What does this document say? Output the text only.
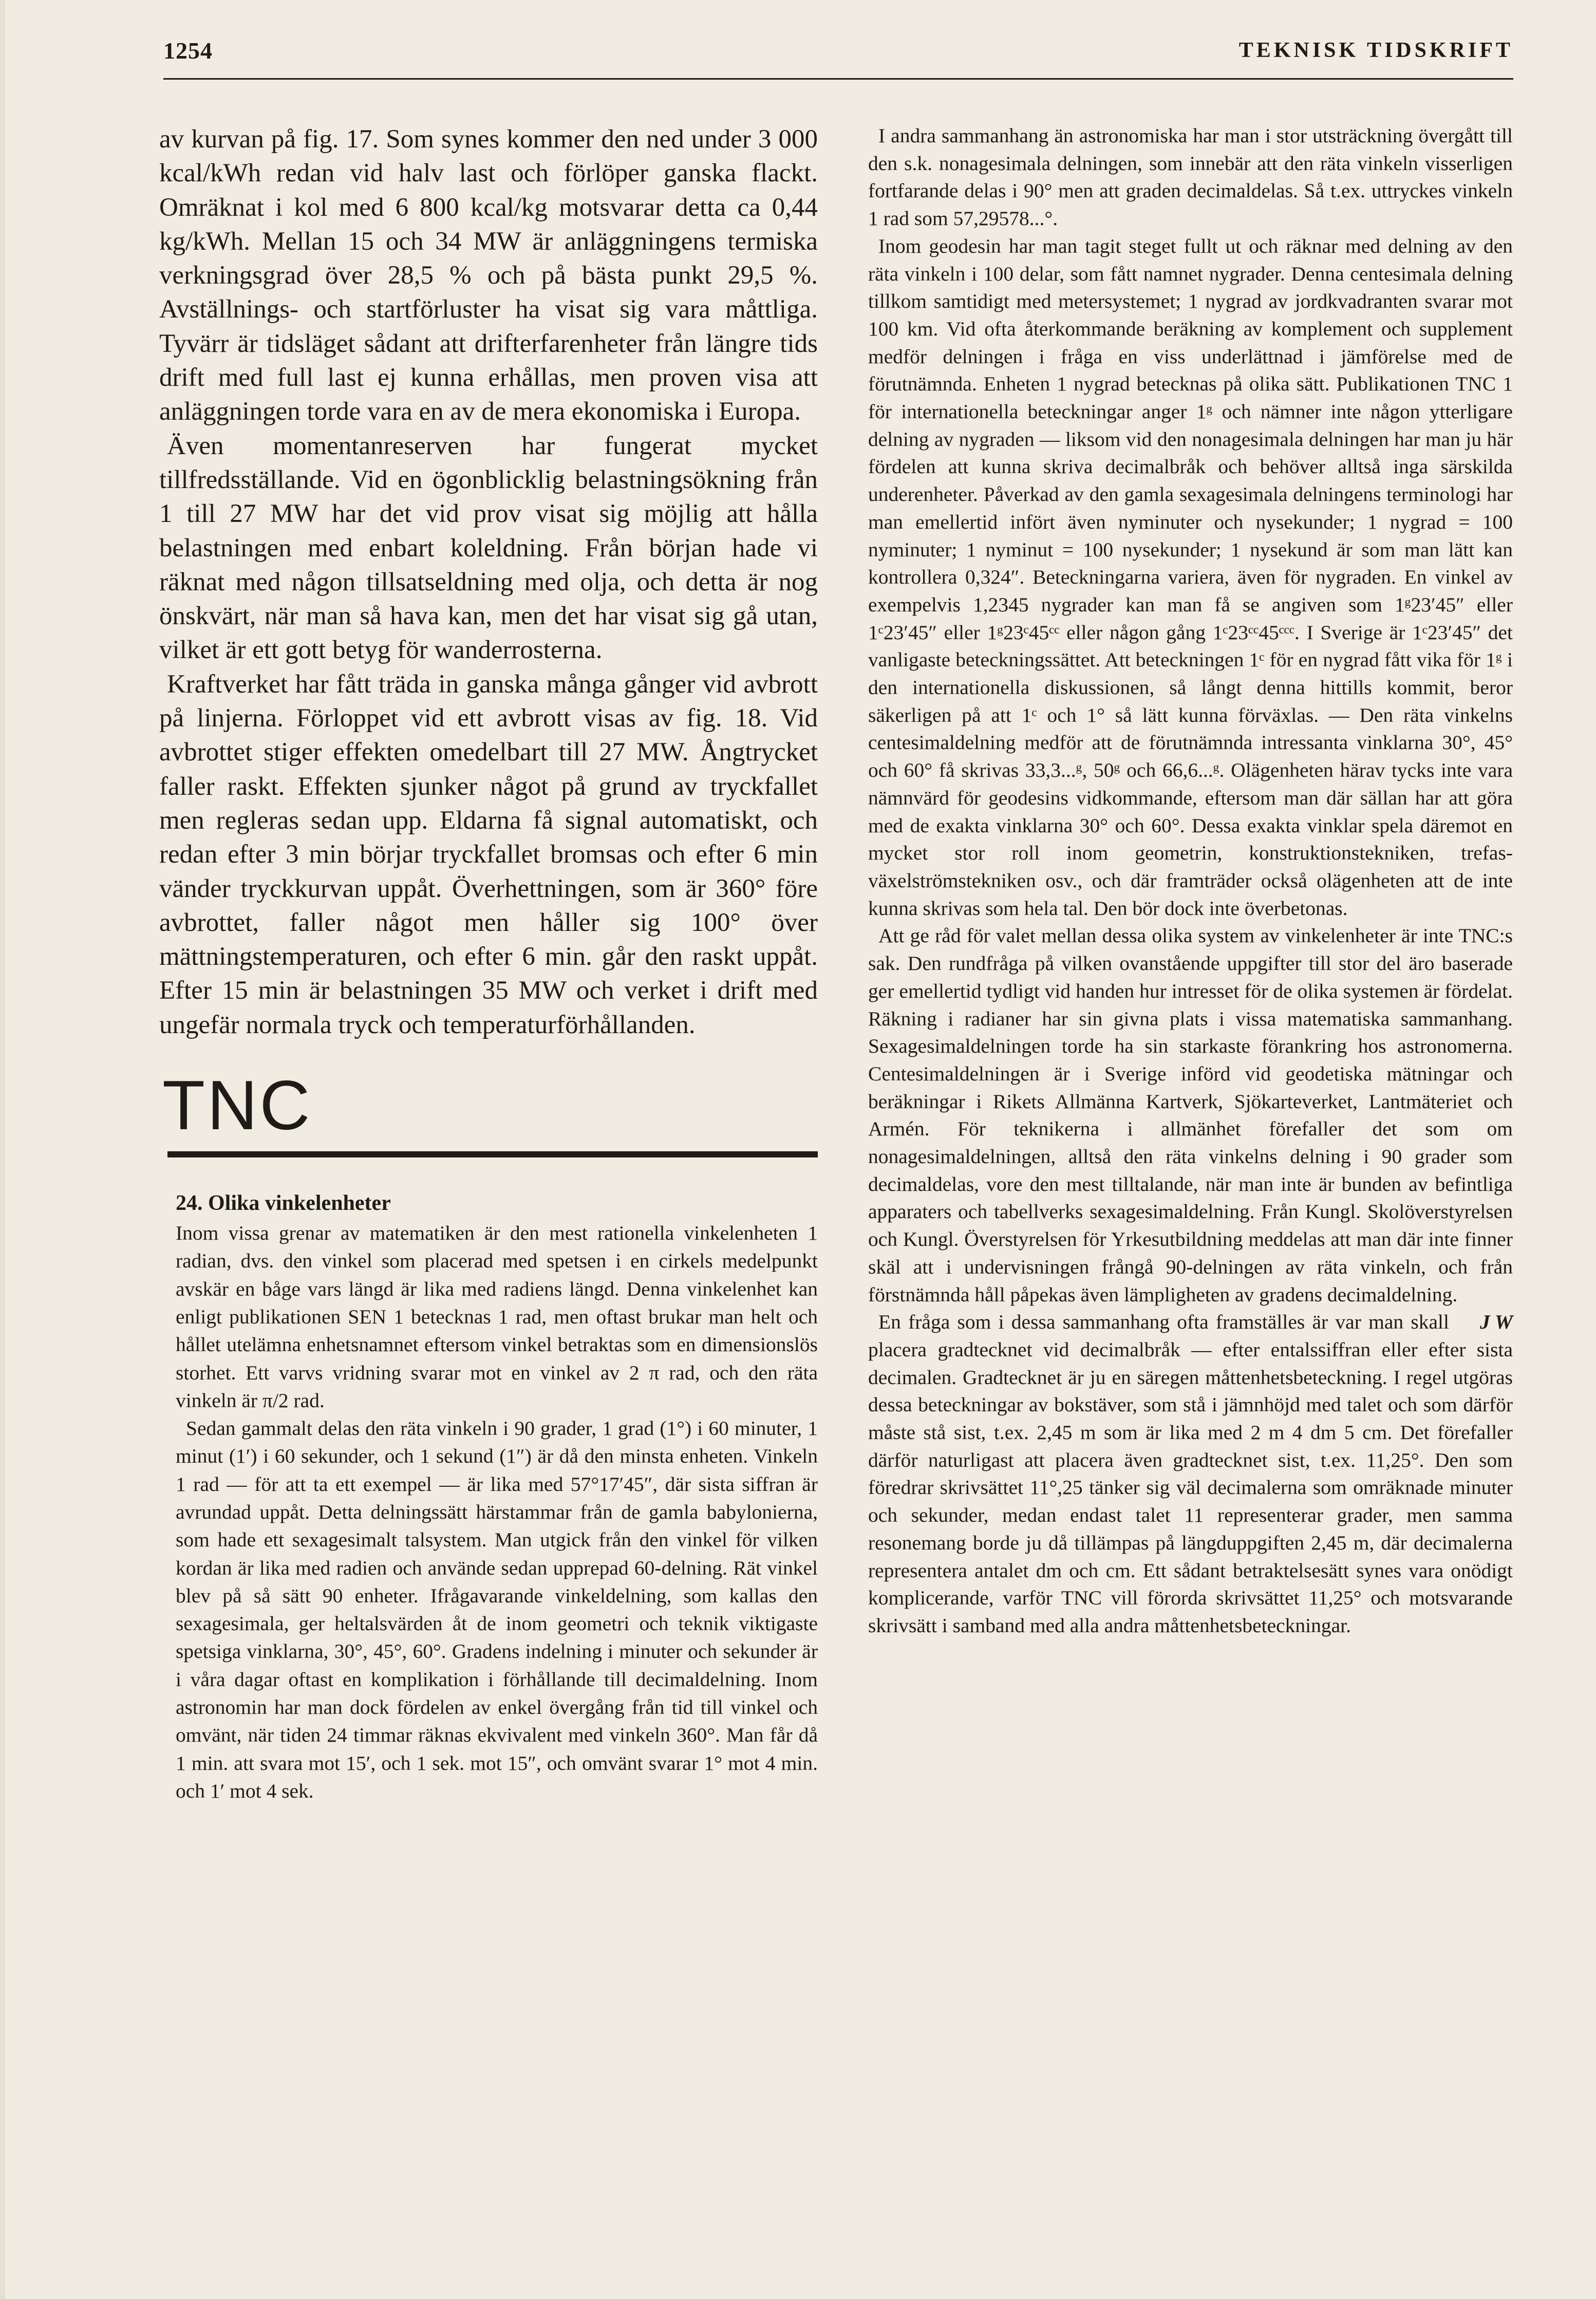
1254	TEKNISK TIDSKRIFT

av kurvan på fig. 17. Som synes kommer den ned under 3 000 kcal/kWh redan vid halv last och förlöper ganska flackt. Omräknat i kol med 6 800 kcal/kg motsvarar detta ca 0,44 kg/kWh. Mellan 15 och 34 MW är anläggningens termiska verkningsgrad över 28,5 % och på bästa punkt 29,5 %. Avställnings- och startförluster ha visat sig vara måttliga. Tyvärr är tidsläget sådant att drifterfarenheter från längre tids drift med full last ej kunna erhållas, men proven visa att anläggningen torde vara en av de mera ekonomiska i Europa.

Även momentanreserven har fungerat mycket tillfredsställande. Vid en ögonblicklig belastningsökning från 1 till 27 MW har det vid prov visat sig möjlig att hålla belastningen med enbart koleldning. Från början hade vi räknat med någon tillsatseldning med olja, och detta är nog önskvärt, när man så hava kan, men det har visat sig gå utan, vilket är ett gott betyg för wanderrosterna.

Kraftverket har fått träda in ganska många gånger vid avbrott på linjerna. Förloppet vid ett avbrott visas av fig. 18. Vid avbrottet stiger effekten omedelbart till 27 MW. Ångtrycket faller raskt. Effekten sjunker något på grund av tryckfallet men regleras sedan upp. Eldarna få signal automatiskt, och redan efter 3 min börjar tryckfallet bromsas och efter 6 min vänder tryckkurvan uppåt. Överhettningen, som är 360° före avbrottet, faller något men håller sig 100° över mättningstemperaturen, och efter 6 min. går den raskt uppåt. Efter 15 min är belastningen 35 MW och verket i drift med ungefär normala tryck och temperaturförhållanden.

TNC
24. Olika vinkelenheter

Inom vissa grenar av matematiken är den mest rationella vinkelenheten 1 radian, dvs. den vinkel som placerad med spetsen i en cirkels medelpunkt avskär en båge vars längd är lika med radiens längd. Denna vinkelenhet kan enligt publikationen SEN 1 betecknas 1 rad, men oftast brukar man helt och hållet utelämna enhetsnamnet eftersom vinkel betraktas som en dimensionslös storhet. Ett varvs vridning svarar mot en vinkel av 2 π rad, och den räta vinkeln är π/2 rad.

Sedan gammalt delas den räta vinkeln i 90 grader, 1 grad (1°) i 60 minuter, 1 minut (1′) i 60 sekunder, och 1 sekund (1″) är då den minsta enheten. Vinkeln 1 rad — för att ta ett exempel — är lika med 57°17′45″, där sista siffran är avrundad uppåt. Detta delningssätt härstammar från de gamla babylonierna, som hade ett sexagesimalt talsystem. Man utgick från den vinkel för vilken kordan är lika med radien och använde sedan upprepad 60-delning. Rät vinkel blev på så sätt 90 enheter. Ifrågavarande vinkeldelning, som kallas den sexagesimala, ger heltalsvärden åt de inom geometri och teknik viktigaste spetsiga vinklarna, 30°, 45°, 60°. Gradens indelning i minuter och sekunder är i våra dagar oftast en komplikation i förhållande till decimaldelning. Inom astronomin har man dock fördelen av enkel övergång från tid till vinkel och omvänt, när tiden 24 timmar räknas ekvivalent med vinkeln 360°. Man får då 1 min. att svara mot 15′, och 1 sek. mot 15″, och omvänt svarar 1° mot 4 min. och 1′ mot 4 sek.

I andra sammanhang än astronomiska har man i stor utsträckning övergått till den s.k. nonagesimala delningen, som innebär att den räta vinkeln visserligen fortfarande delas i 90° men att graden decimaldelas. Så t.ex. uttryckes vinkeln 1 rad som 57,29578...°.

Inom geodesin har man tagit steget fullt ut och räknar med delning av den räta vinkeln i 100 delar, som fått namnet nygrader. Denna centesimala delning tillkom samtidigt med metersystemet; 1 nygrad av jordkvadranten svarar mot 100 km. Vid ofta återkommande beräkning av komplement och supplement medför delningen i fråga en viss underlättnad i jämförelse med de förutnämnda. Enheten 1 nygrad betecknas på olika sätt. Publikationen TNC 1 för internationella beteckningar anger 1ᵍ och nämner inte någon ytterligare delning av nygraden — liksom vid den nonagesimala delningen har man ju här fördelen att kunna skriva decimalbråk och behöver alltså inga särskilda underenheter. Påverkad av den gamla sexagesimala delningens terminologi har man emellertid infört även nyminuter och nysekunder; 1 nygrad = 100 nyminuter; 1 nyminut = 100 nysekunder; 1 nysekund är som man lätt kan kontrollera 0,324″. Beteckningarna variera, även för nygraden. En vinkel av exempelvis 1,2345 nygrader kan man få se angiven som 1ᵍ23′45″ eller 1ᶜ23′45″ eller 1ᵍ23ᶜ45ᶜᶜ eller någon gång 1ᶜ23ᶜᶜ45ᶜᶜᶜ. I Sverige är 1ᶜ23′45″ det vanligaste beteckningssättet. Att beteckningen 1ᶜ för en nygrad fått vika för 1ᵍ i den internationella diskussionen, så långt denna hittills kommit, beror säkerligen på att 1ᶜ och 1° så lätt kunna förväxlas. — Den räta vinkelns centesimaldelning medför att de förutnämnda intressanta vinklarna 30°, 45° och 60° få skrivas 33,3...ᵍ, 50ᵍ och 66,6...ᵍ. Olägenheten härav tycks inte vara nämnvärd för geodesins vidkommande, eftersom man där sällan har att göra med de exakta vinklarna 30° och 60°. Dessa exakta vinklar spela däremot en mycket stor roll inom geometrin, konstruktionstekniken, trefas-växelströmstekniken osv., och där framträder också olägenheten att de inte kunna skrivas som hela tal. Den bör dock inte överbetonas.

Att ge råd för valet mellan dessa olika system av vinkelenheter är inte TNC:s sak. Den rundfråga på vilken ovanstående uppgifter till stor del äro baserade ger emellertid tydligt vid handen hur intresset för de olika systemen är fördelat. Räkning i radianer har sin givna plats i vissa matematiska sammanhang. Sexagesimaldelningen torde ha sin starkaste förankring hos astronomerna. Centesimaldelningen är i Sverige införd vid geodetiska mätningar och beräkningar i Rikets Allmänna Kartverk, Sjökarteverket, Lantmäteriet och Armén. För teknikerna i allmänhet förefaller det som om nonagesimaldelningen, alltså den räta vinkelns delning i 90 grader som decimaldelas, vore den mest tilltalande, när man inte är bunden av befintliga apparaters och tabellverks sexagesimaldelning. Från Kungl. Skolöverstyrelsen och Kungl. Överstyrelsen för Yrkesutbildning meddelas att man där inte finner skäl att i undervisningen frångå 90-delningen av räta vinkeln, och från förstnämnda håll påpekas även lämpligheten av gradens decimaldelning.

J W
En fråga som i dessa sammanhang ofta framställes är var man skall placera gradtecknet vid decimalbråk — efter entalssiffran eller efter sista decimalen. Gradtecknet är ju en säregen måttenhetsbeteckning. I regel utgöras dessa beteckningar av bokstäver, som stå i jämnhöjd med talet och som därför måste stå sist, t.ex. 2,45 m som är lika med 2 m 4 dm 5 cm. Det förefaller därför naturligast att placera även gradtecknet sist, t.ex. 11,25°. Den som föredrar skrivsättet 11°,25 tänker sig väl decimalerna som omräknade minuter och sekunder, medan endast talet 11 representerar grader, men samma resonemang borde ju då tillämpas på längduppgiften 2,45 m, där decimalerna representera antalet dm och cm. Ett sådant betraktelsesätt synes vara onödigt komplicerande, varför TNC vill förorda skrivsättet 11,25° och motsvarande skrivsätt i samband med alla andra måttenhetsbeteckningar.
